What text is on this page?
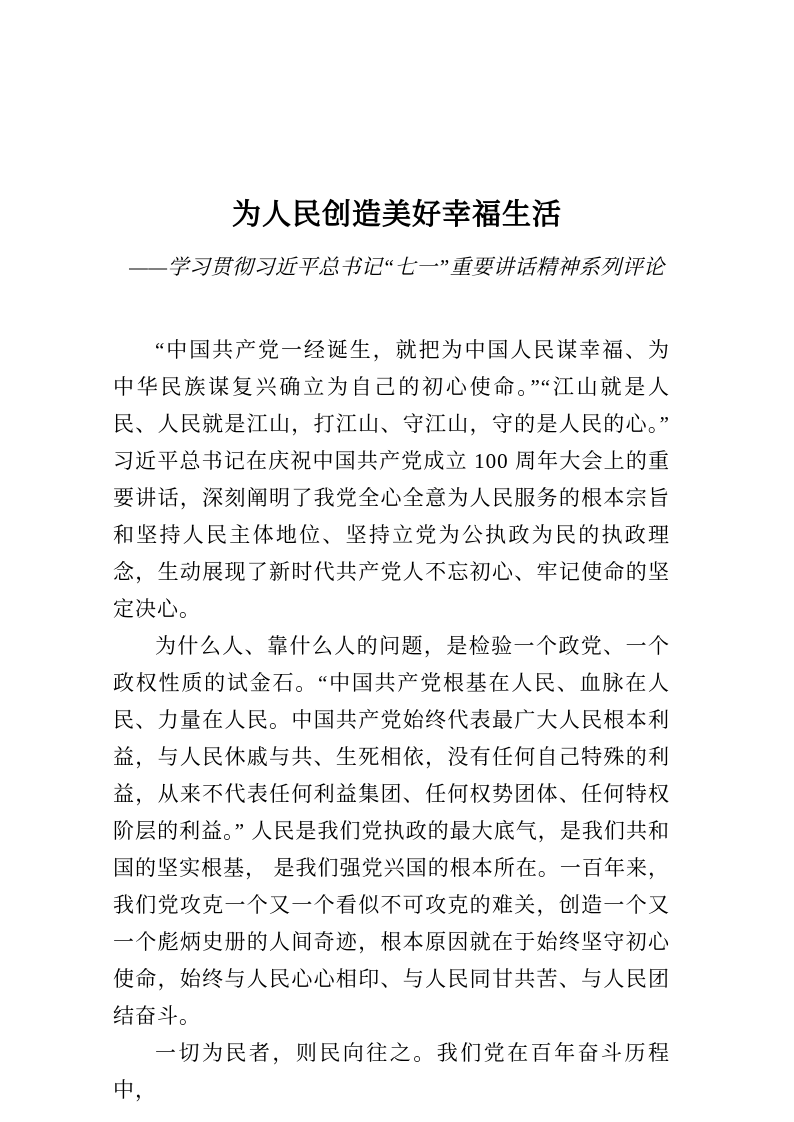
为人民创造美好幸福生活
——学习贯彻习近平总书记“七一”重要讲话精神系列评论

“中国共产党一经诞生，就把为中国人民谋幸福、为中华民族谋复兴确立为自己的初心使命。”“江山就是人民、人民就是江山，打江山、守江山，守的是人民的心。”习近平总书记在庆祝中国共产党成立 100 周年大会上的重要讲话，深刻阐明了我党全心全意为人民服务的根本宗旨和坚持人民主体地位、坚持立党为公执政为民的执政理念，生动展现了新时代共产党人不忘初心、牢记使命的坚定决心。

为什么人、靠什么人的问题，是检验一个政党、一个政权性质的试金石。“中国共产党根基在人民、血脉在人民、力量在人民。中国共产党始终代表最广大人民根本利益，与人民休戚与共、生死相依，没有任何自己特殊的利益，从来不代表任何利益集团、任何权势团体、任何特权阶层的利益。” 人民是我们党执政的最大底气，是我们共和国的坚实根基， 是我们强党兴国的根本所在。一百年来，我们党攻克一个又一个看似不可攻克的难关，创造一个又一个彪炳史册的人间奇迹，根本原因就在于始终坚守初心使命，始终与人民心心相印、与人民同甘共苦、与人民团结奋斗。

一切为民者，则民向往之。我们党在百年奋斗历程中，
